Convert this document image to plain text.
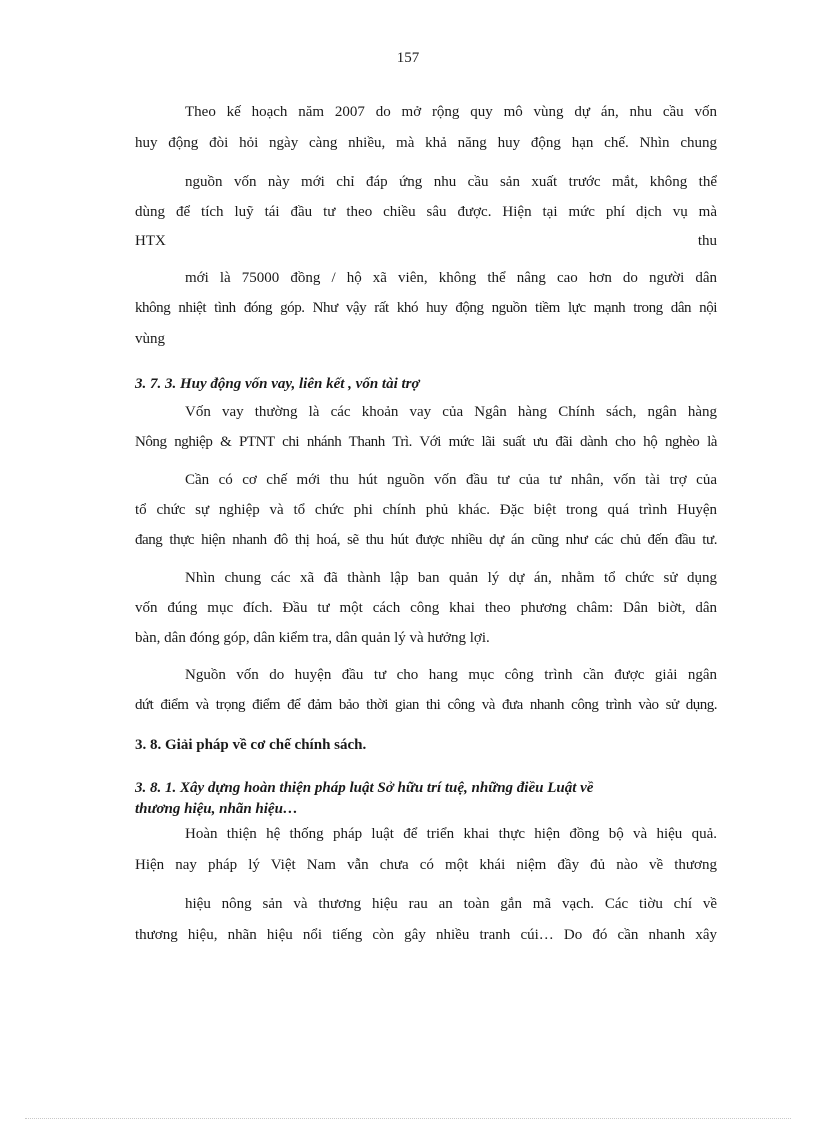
157
Theo kế hoạch năm 2007 do mở rộng quy mô vùng dự án, nhu cầu vốn
huy động đòi hỏi ngày càng nhiều, mà khả năng huy động hạn chế. Nhìn chung
nguồn vốn này mới chỉ đáp ứng nhu cầu sản xuất trước mắt, không thể
dùng để tích luỹ tái đầu tư theo chiều sâu được. Hiện tại mức phí dịch vụ mà
HTX	thu
mới là 75000 đồng / hộ xã viên, không thể nâng cao hơn do người dân
không nhiệt tình đóng góp. Như vậy rất khó huy động nguồn tiềm lực mạnh trong dân nội
vùng
3. 7. 3. Huy động vốn vay, liên kết , vốn tài trợ
Vốn vay thường là các khoản vay của Ngân hàng Chính sách, ngân hàng
Nông nghiệp & PTNT chi nhánh Thanh Trì. Với mức lãi suất ưu đãi dành cho hộ nghèo là
Cần có cơ chế mới thu hút nguồn vốn đầu tư của tư nhân, vốn tài trợ của
tổ chức sự nghiệp và tổ chức phi chính phủ khác. Đặc biệt trong quá trình Huyện
đang thực hiện nhanh đô thị hoá, sẽ thu hút được nhiều dự án cũng như các chủ đến đầu tư.
Nhìn chung các xã đã thành lập ban quản lý dự án, nhằm tổ chức sử dụng
vốn đúng mục đích. Đầu tư một cách công khai theo phương châm: Dân biờt, dân
bàn, dân đóng góp, dân kiểm tra, dân quản lý và hưởng lợi.
Nguồn vốn do huyện đầu tư cho hang mục công trình cần được giải ngân
dứt điểm và trọng điểm để đảm bảo thời gian thi công và đưa nhanh công trình vào sử dụng.
3. 8. Giải pháp về cơ chế chính sách.
3. 8. 1. Xây dựng hoàn thiện pháp luật Sở hữu trí tuệ, những điều Luật về
thương hiệu, nhãn hiệu…
Hoàn thiện hệ thống pháp luật để triển khai thực hiện đồng bộ và hiệu quả.
Hiện nay pháp lý Việt Nam vẫn chưa có một khái niệm đầy đủ nào về thương
hiệu nông sản và thương hiệu rau an toàn gắn mã vạch. Các tiờu chí về
thương hiệu, nhãn hiệu nổi tiếng còn gây nhiều tranh cúi… Do đó cần nhanh xây
